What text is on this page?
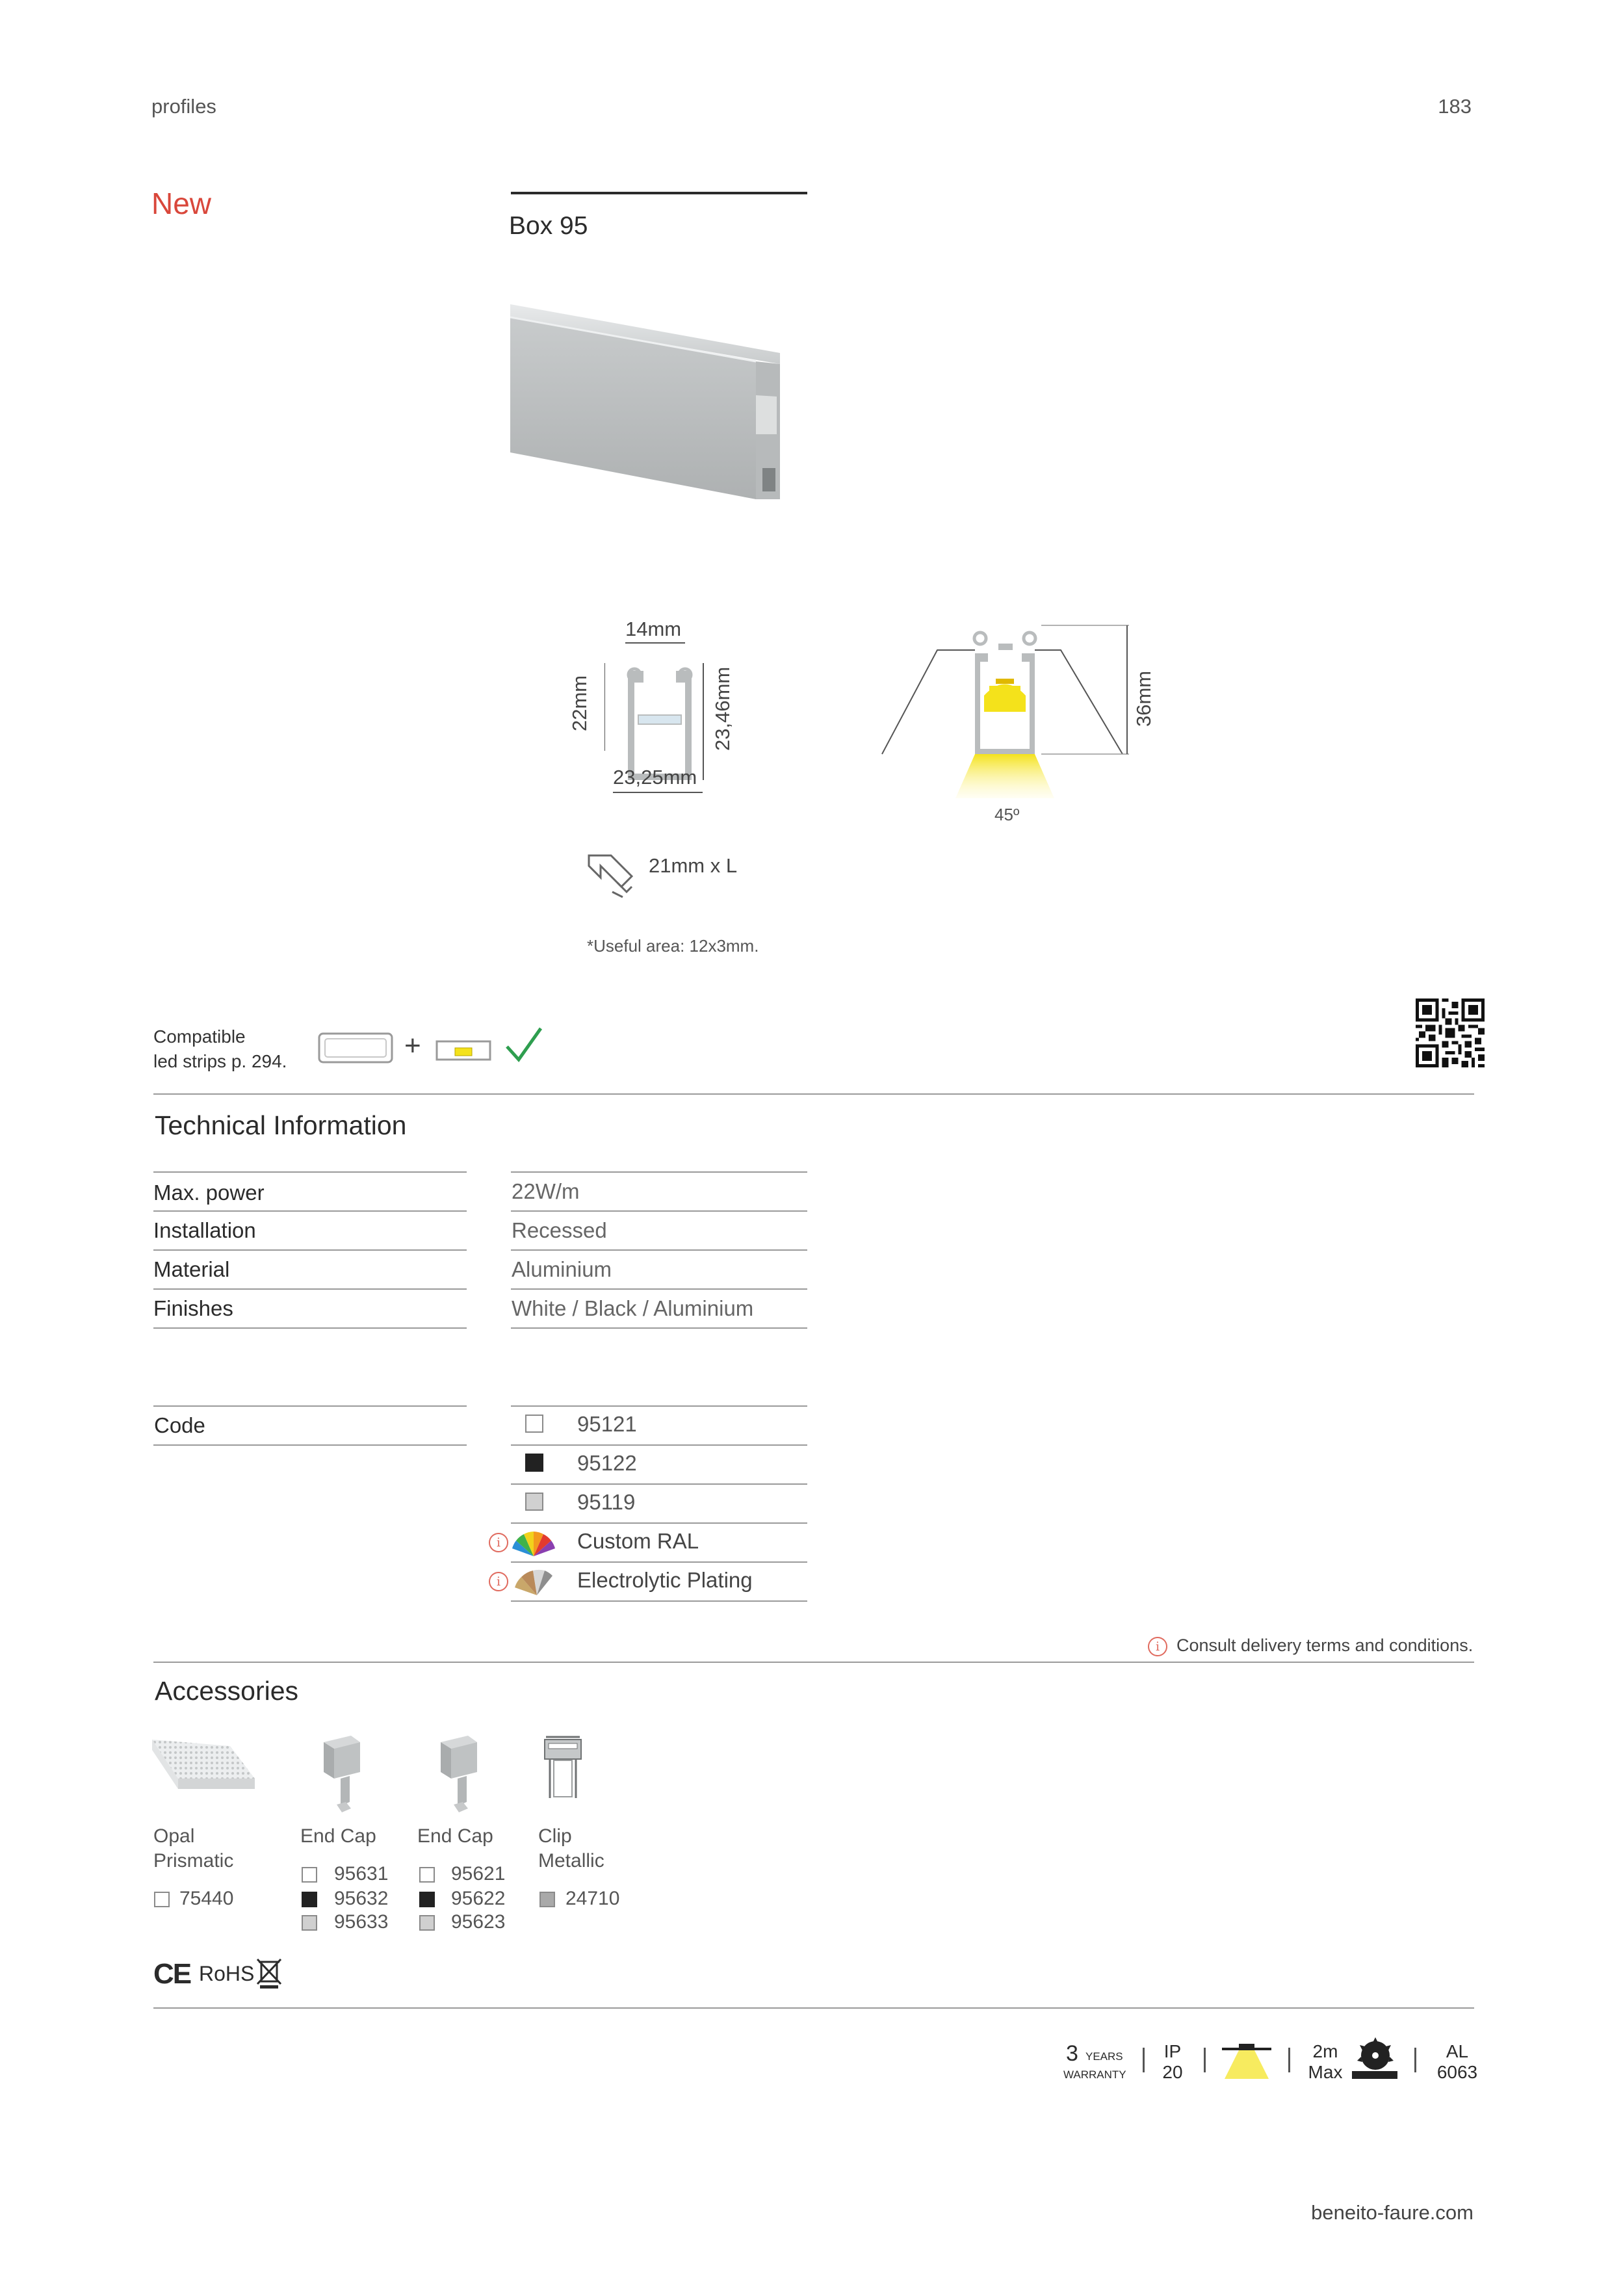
profiles	183
New
Box 95
14mm
22mm	23,46mm
23,25mm
36mm
45º
21mm x L
*Useful area: 12x3mm.
Compatible
led strips p. 294.	+
Technical Information
Max. power	22W/m
Installation	Recessed
Material	Aluminium
Finishes	White / Black / Aluminium
Code	95121
95122
95119
i	Custom RAL
i	Electrolytic Plating
i Consult delivery terms and conditions.
Accessories
Opal
Prismatic
75440
End Cap
95631
95632
95633
End Cap
95621
95622
95623
Clip
Metallic
24710
CE RoHS
3 YEARS
WARRANTY
IP
20
2m
Max
AL
6063
beneito-faure.com
